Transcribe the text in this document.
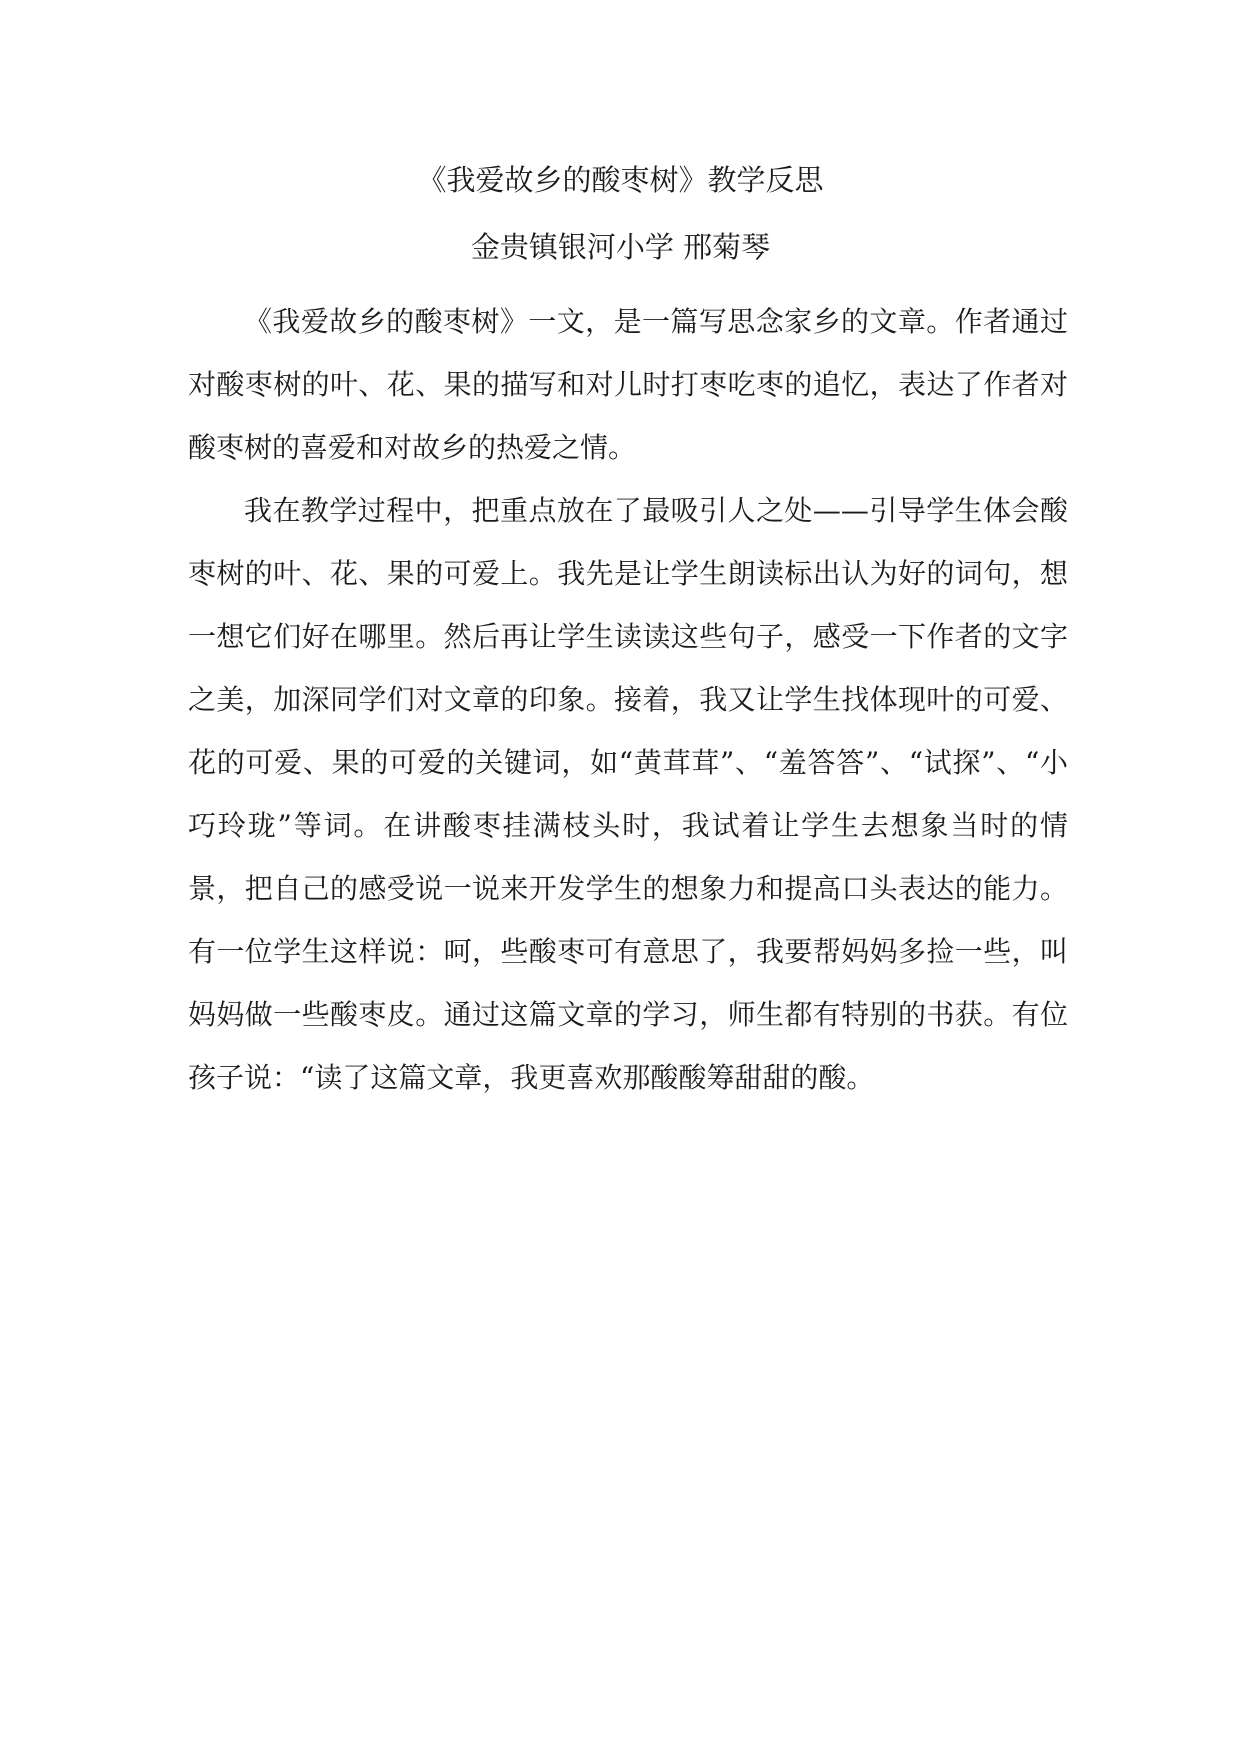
《我爱故乡的酸枣树》教学反思
金贵镇银河小学 邢菊琴

《我爱故乡的酸枣树》一文，是一篇写思念家乡的文章。作者通过对酸枣树的叶、花、果的描写和对儿时打枣吃枣的追忆，表达了作者对酸枣树的喜爱和对故乡的热爱之情。

我在教学过程中，把重点放在了最吸引人之处——引导学生体会酸枣树的叶、花、果的可爱上。我先是让学生朗读标出认为好的词句，想一想它们好在哪里。然后再让学生读读这些句子，感受一下作者的文字之美，加深同学们对文章的印象。接着，我又让学生找体现叶的可爱、花的可爱、果的可爱的关键词，如“黄茸茸”、“羞答答”、“试探”、“小巧玲珑”等词。在讲酸枣挂满枝头时，我试着让学生去想象当时的情景，把自己的感受说一说来开发学生的想象力和提高口头表达的能力。有一位学生这样说：呵，些酸枣可有意思了，我要帮妈妈多捡一些，叫妈妈做一些酸枣皮。通过这篇文章的学习，师生都有特别的书获。有位孩子说：“读了这篇文章，我更喜欢那酸酸筹甜甜的酸。
